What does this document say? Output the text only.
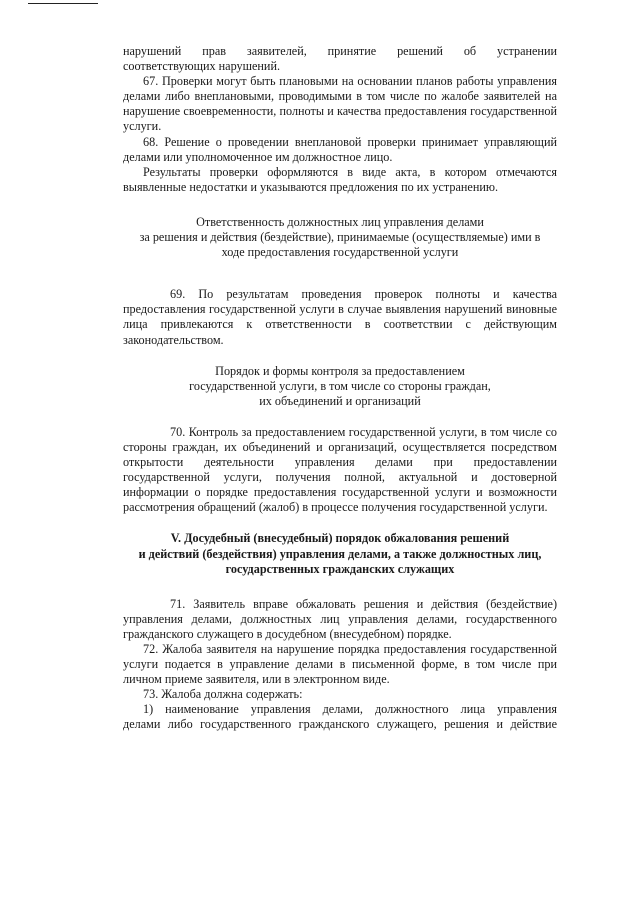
нарушений прав заявителей, принятие решений об устранении

соответствующих нарушений.

67. Проверки могут быть плановыми на основании планов работы управления делами либо внеплановыми, проводимыми в том числе по жалобе заявителей на нарушение своевременности, полноты и качества предоставления государственной услуги.

68. Решение о проведении внеплановой проверки принимает управляющий делами или уполномоченное им должностное лицо.

Результаты проверки оформляются в виде акта, в котором отмечаются выявленные недостатки и указываются предложения по их устранению.

Ответственность должностных лиц управления делами

за решения и действия (бездействие), принимаемые (осуществляемые) ими в

ходе предоставления государственной услуги

69. По результатам проведения проверок полноты и качества предоставления государственной услуги в случае выявления нарушений виновные лица привлекаются к ответственности в соответствии с действующим законодательством.

Порядок и формы контроля за предоставлением

государственной услуги, в том числе со стороны граждан,

их объединений и организаций

70. Контроль за предоставлением государственной услуги, в том числе со стороны граждан, их объединений и организаций, осуществляется посредством открытости деятельности управления делами при предоставлении государственной услуги, получения полной, актуальной и достоверной информации о порядке предоставления государственной услуги и возможности рассмотрения обращений (жалоб) в процессе получения государственной услуги.

V. Досудебный (внесудебный) порядок обжалования решений

и действий (бездействия) управления делами, а также должностных лиц,

государственных гражданских служащих

71. Заявитель вправе обжаловать решения и действия (бездействие) управления делами, должностных лиц управления делами, государственного гражданского служащего в досудебном (внесудебном) порядке.

72. Жалоба заявителя на нарушение порядка предоставления государственной услуги подается в управление делами в письменной форме, в том числе при личном приеме заявителя, или в электронном виде.

73. Жалоба должна содержать:

1) наименование управления делами, должностного лица управления

делами либо государственного гражданского служащего, решения и действие
